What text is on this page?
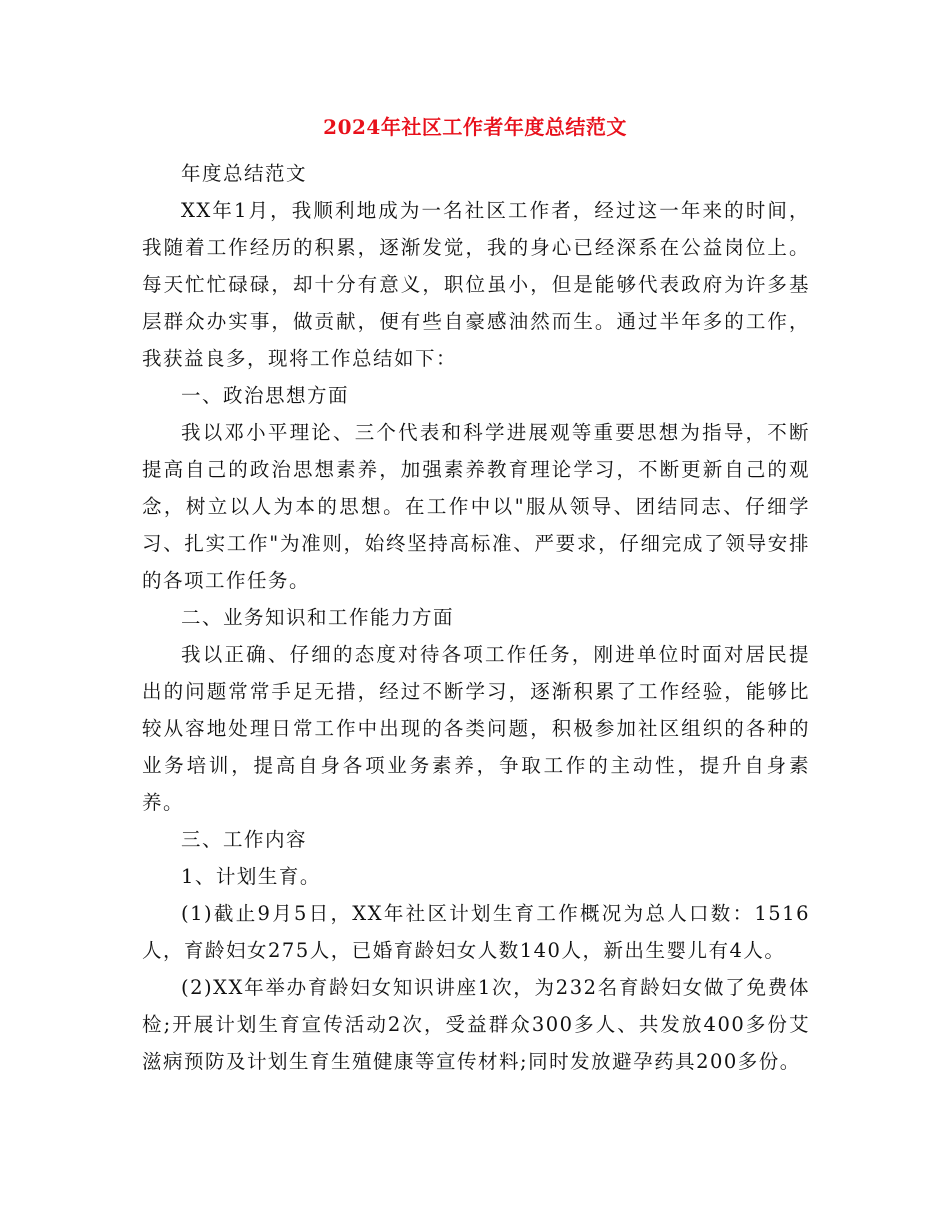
2024年社区工作者年度总结范文

年度总结范文

XX年1月，我顺利地成为一名社区工作者，经过这一年来的时间，我随着工作经历的积累，逐渐发觉，我的身心已经深系在公益岗位上。每天忙忙碌碌，却十分有意义，职位虽小，但是能够代表政府为许多基层群众办实事，做贡献，便有些自豪感油然而生。通过半年多的工作，我获益良多，现将工作总结如下：

一、政治思想方面

我以邓小平理论、三个代表和科学进展观等重要思想为指导，不断提高自己的政治思想素养，加强素养教育理论学习，不断更新自己的观念，树立以人为本的思想。在工作中以"服从领导、团结同志、仔细学习、扎实工作"为准则，始终坚持高标准、严要求，仔细完成了领导安排的各项工作任务。

二、业务知识和工作能力方面

我以正确、仔细的态度对待各项工作任务，刚进单位时面对居民提出的问题常常手足无措，经过不断学习，逐渐积累了工作经验，能够比较从容地处理日常工作中出现的各类问题，积极参加社区组织的各种的业务培训，提高自身各项业务素养，争取工作的主动性，提升自身素养。

三、工作内容

1、计划生育。

(1)截止9月5日，XX年社区计划生育工作概况为总人口数：1516人，育龄妇女275人，已婚育龄妇女人数140人，新出生婴儿有4人。

(2)XX年举办育龄妇女知识讲座1次，为232名育龄妇女做了免费体检;开展计划生育宣传活动2次，受益群众300多人、共发放400多份艾滋病预防及计划生育生殖健康等宣传材料;同时发放避孕药具200多份。
